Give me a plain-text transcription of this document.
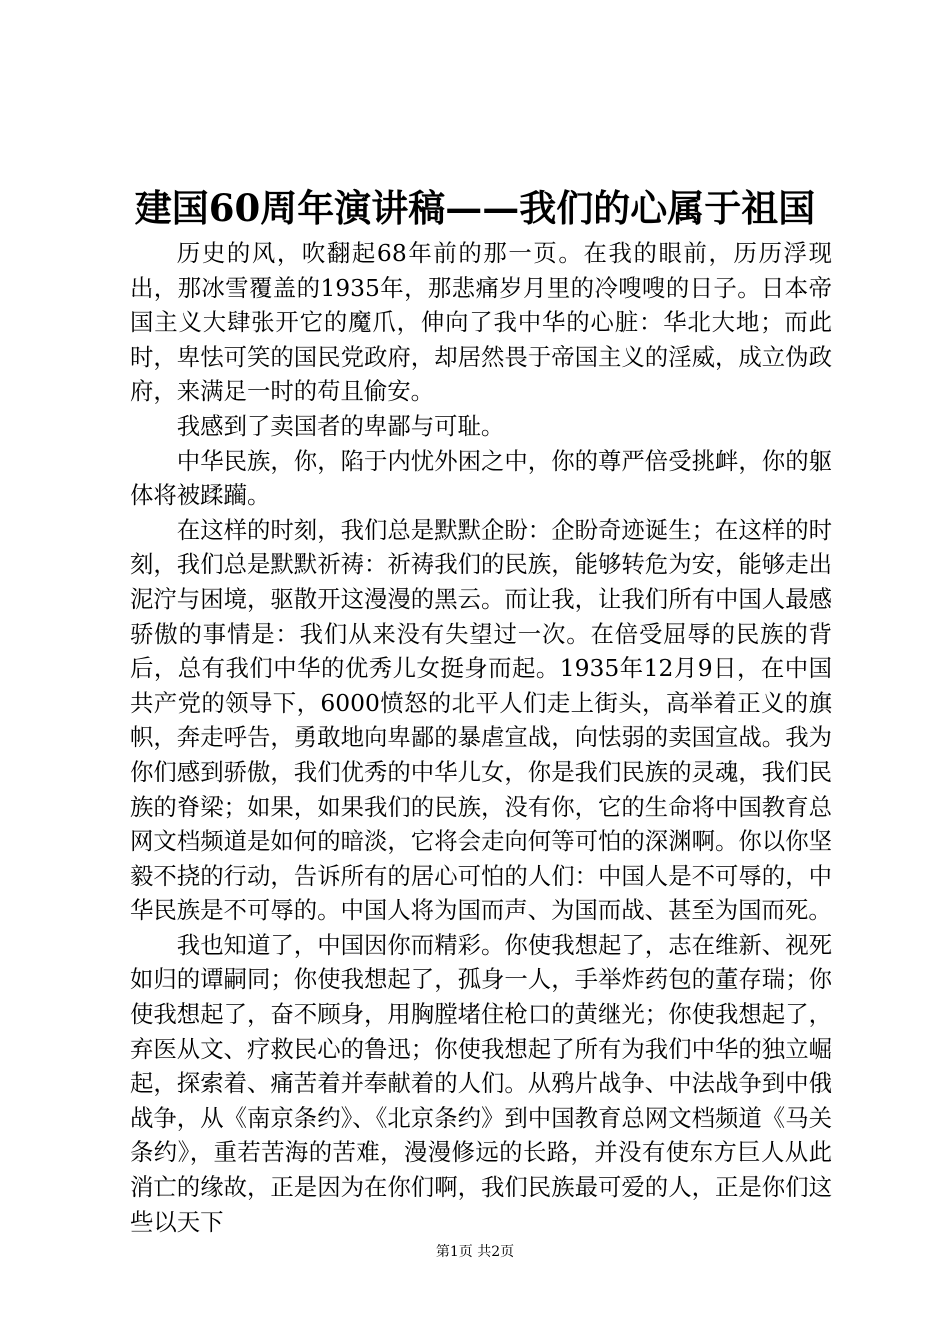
建国60周年演讲稿——我们的心属于祖国

历史的风，吹翻起68年前的那一页。在我的眼前，历历浮现出，那冰雪覆盖的1935年，那悲痛岁月里的冷嗖嗖的日子。日本帝国主义大肆张开它的魔爪，伸向了我中华的心脏：华北大地；而此时，卑怯可笑的国民党政府，却居然畏于帝国主义的淫威，成立伪政府，来满足一时的苟且偷安。

我感到了卖国者的卑鄙与可耻。

中华民族，你，陷于内忧外困之中，你的尊严倍受挑衅，你的躯体将被蹂躏。

在这样的时刻，我们总是默默企盼：企盼奇迹诞生；在这样的时刻，我们总是默默祈祷：祈祷我们的民族，能够转危为安，能够走出泥泞与困境，驱散开这漫漫的黑云。而让我，让我们所有中国人最感骄傲的事情是：我们从来没有失望过一次。在倍受屈辱的民族的背后，总有我们中华的优秀儿女挺身而起。1935年12月9日，在中国共产党的领导下，6000愤怒的北平人们走上街头，高举着正义的旗帜，奔走呼告，勇敢地向卑鄙的暴虐宣战，向怯弱的卖国宣战。我为你们感到骄傲，我们优秀的中华儿女，你是我们民族的灵魂，我们民族的脊梁；如果，如果我们的民族，没有你，它的生命将中国教育总网文档频道是如何的暗淡，它将会走向何等可怕的深渊啊。你以你坚毅不挠的行动，告诉所有的居心可怕的人们：中国人是不可辱的，中华民族是不可辱的。中国人将为国而声、为国而战、甚至为国而死。

我也知道了，中国因你而精彩。你使我想起了，志在维新、视死如归的谭嗣同；你使我想起了，孤身一人，手举炸药包的董存瑞；你使我想起了，奋不顾身，用胸膛堵住枪口的黄继光；你使我想起了，弃医从文、疗救民心的鲁迅；你使我想起了所有为我们中华的独立崛起，探索着、痛苦着并奉献着的人们。从鸦片战争、中法战争到中俄战争，从《南京条约》、《北京条约》到中国教育总网文档频道《马关条约》，重若苦海的苦难，漫漫修远的长路，并没有使东方巨人从此消亡的缘故，正是因为在你们啊，我们民族最可爱的人，正是你们这些以天下

第1页 共2页
